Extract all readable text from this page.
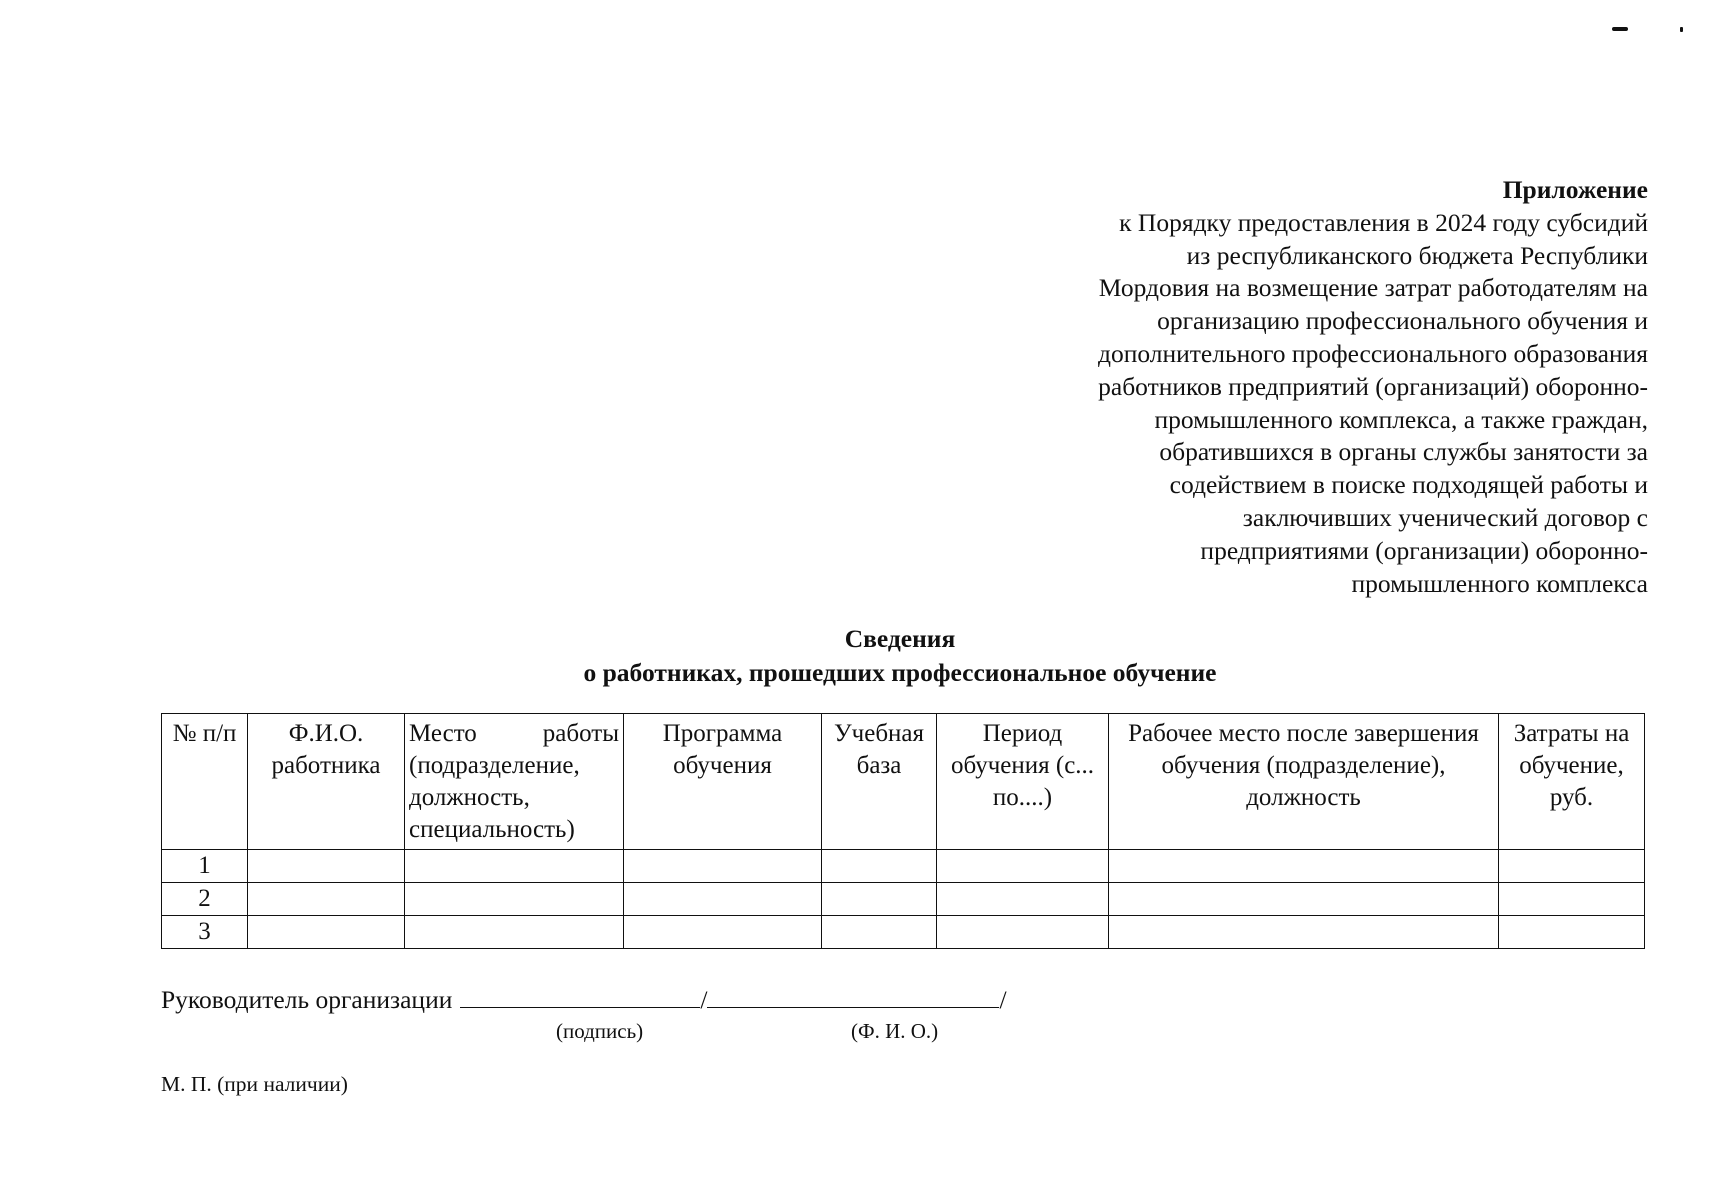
Приложение
к Порядку предоставления в 2024 году субсидий
из республиканского бюджета Республики
Мордовия на возмещение затрат работодателям на
организацию профессионального обучения и
дополнительного профессионального образования
работников предприятий (организаций) оборонно-
промышленного комплекса, а также граждан,
обратившихся в органы службы занятости за
содействием в поиске подходящей работы и
заключивших ученический договор с
предприятиями (организации) оборонно-
промышленного комплекса
Сведения
о работниках, прошедших профессиональное обучение
№ п/п	Ф.И.О. работника	Место работы (подразделение, должность, специальность)	Программа обучения	Учебная база	Период обучения (с... по....)	Рабочее место после завершения обучения (подразделение), должность	Затраты на обучение, руб.
1							
2							
3							
Руководитель организации	/	/
(подпись)	(Ф. И. О.)
М. П. (при наличии)
